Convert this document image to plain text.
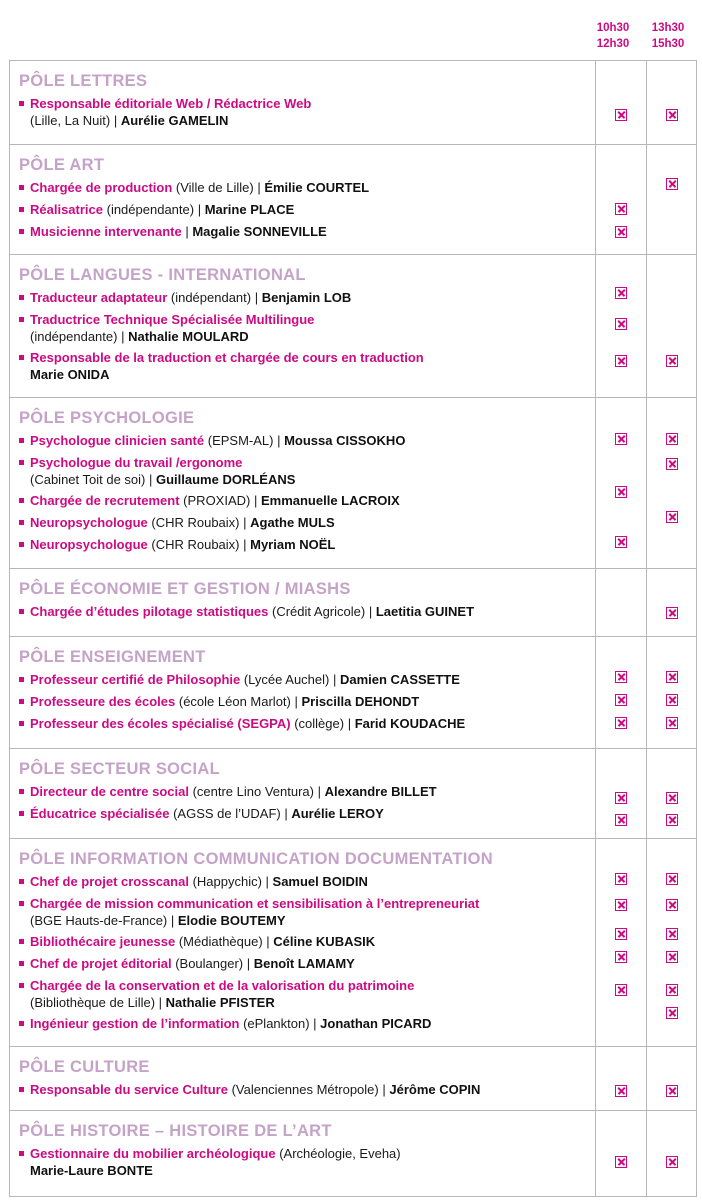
10h30
12h30
13h30
15h30
PÔLE LETTRES
Responsable éditoriale Web / Rédactrice Web
(Lille, La Nuit) | Aurélie GAMELIN
PÔLE ART
Chargée de production (Ville de Lille) | Émilie COURTEL
Réalisatrice (indépendante) | Marine PLACE
Musicienne intervenante | Magalie SONNEVILLE
PÔLE LANGUES - INTERNATIONAL
Traducteur adaptateur (indépendant) | Benjamin LOB
Traductrice Technique Spécialisée Multilingue
(indépendante) | Nathalie MOULARD
Responsable de la traduction et chargée de cours en traduction
Marie ONIDA
PÔLE PSYCHOLOGIE
Psychologue clinicien santé (EPSM-AL) | Moussa CISSOKHO
Psychologue du travail /ergonome
(Cabinet Toit de soi) | Guillaume DORLÉANS
Chargée de recrutement (PROXIAD) | Emmanuelle LACROIX
Neuropsychologue (CHR Roubaix) | Agathe MULS
Neuropsychologue (CHR Roubaix) | Myriam NOËL
PÔLE ÉCONOMIE ET GESTION / MIASHS
Chargée d’études pilotage statistiques (Crédit Agricole) | Laetitia GUINET
PÔLE ENSEIGNEMENT
Professeur certifié de Philosophie (Lycée Auchel) | Damien CASSETTE
Professeure des écoles (école Léon Marlot) | Priscilla DEHONDT
Professeur des écoles spécialisé (SEGPA) (collège) | Farid KOUDACHE
PÔLE SECTEUR SOCIAL
Directeur de centre social (centre Lino Ventura) | Alexandre BILLET
Éducatrice spécialisée (AGSS de l’UDAF) | Aurélie LEROY
PÔLE INFORMATION COMMUNICATION DOCUMENTATION
Chef de projet crosscanal (Happychic) | Samuel BOIDIN
Chargée de mission communication et sensibilisation à l’entrepreneuriat
(BGE Hauts-de-France) | Elodie BOUTEMY
Bibliothécaire jeunesse (Médiathèque) | Céline KUBASIK
Chef de projet éditorial (Boulanger) | Benoît LAMAMY
Chargée de la conservation et de la valorisation du patrimoine
(Bibliothèque de Lille) | Nathalie PFISTER
Ingénieur gestion de l’information (ePlankton) | Jonathan PICARD
PÔLE CULTURE
Responsable du service Culture (Valenciennes Métropole) | Jérôme COPIN
PÔLE HISTOIRE – HISTOIRE DE L’ART
Gestionnaire du mobilier archéologique (Archéologie, Eveha)
Marie-Laure BONTE
